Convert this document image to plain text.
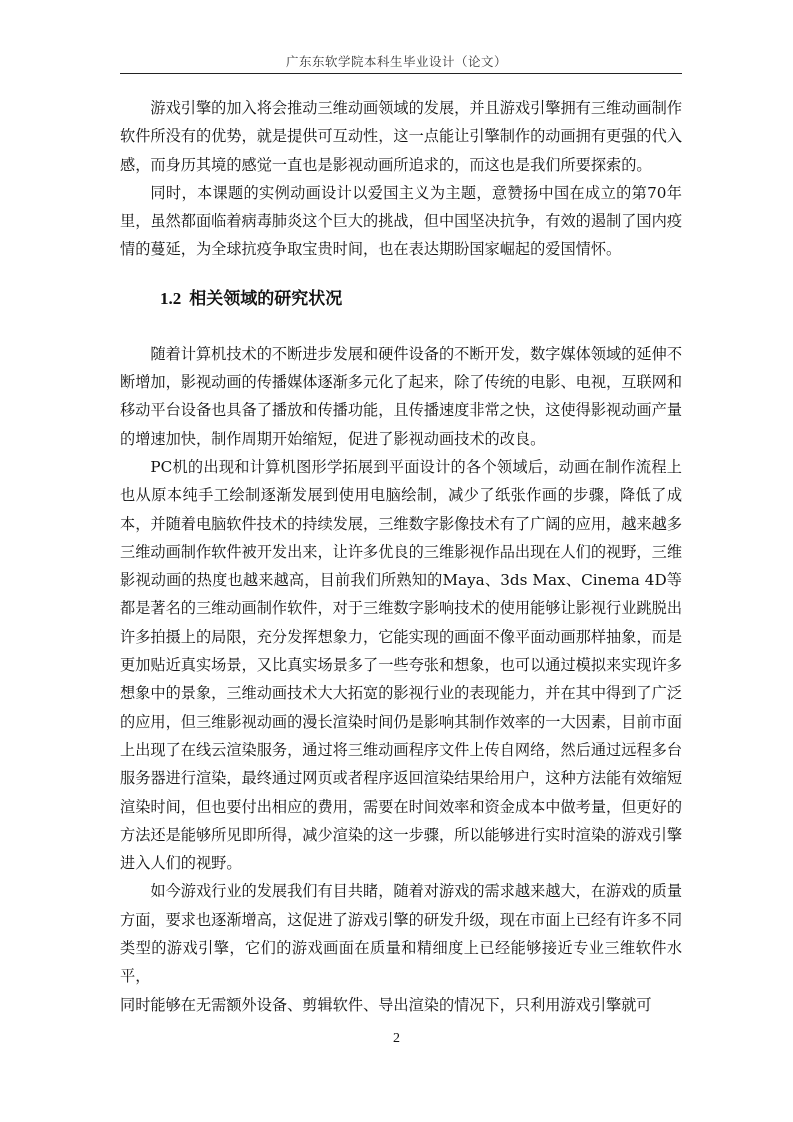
广东东软学院本科生毕业设计（论文）

游戏引擎的加入将会推动三维动画领域的发展，并且游戏引擎拥有三维动画制作软件所没有的优势，就是提供可互动性，这一点能让引擎制作的动画拥有更强的代入感，而身历其境的感觉一直也是影视动画所追求的，而这也是我们所要探索的。

同时，本课题的实例动画设计以爱国主义为主题，意赞扬中国在成立的第70年里，虽然都面临着病毒肺炎这个巨大的挑战，但中国坚决抗争，有效的遏制了国内疫情的蔓延，为全球抗疫争取宝贵时间，也在表达期盼国家崛起的爱国情怀。

1.2 相关领域的研究状况

随着计算机技术的不断进步发展和硬件设备的不断开发，数字媒体领域的延伸不断增加，影视动画的传播媒体逐渐多元化了起来，除了传统的电影、电视，互联网和移动平台设备也具备了播放和传播功能，且传播速度非常之快，这使得影视动画产量的增速加快，制作周期开始缩短，促进了影视动画技术的改良。

PC机的出现和计算机图形学拓展到平面设计的各个领域后，动画在制作流程上也从原本纯手工绘制逐渐发展到使用电脑绘制，减少了纸张作画的步骤，降低了成本，并随着电脑软件技术的持续发展，三维数字影像技术有了广阔的应用，越来越多三维动画制作软件被开发出来，让许多优良的三维影视作品出现在人们的视野，三维影视动画的热度也越来越高，目前我们所熟知的Maya、3ds Max、Cinema 4D等都是著名的三维动画制作软件，对于三维数字影响技术的使用能够让影视行业跳脱出许多拍摄上的局限，充分发挥想象力，它能实现的画面不像平面动画那样抽象，而是更加贴近真实场景，又比真实场景多了一些夸张和想象，也可以通过模拟来实现许多想象中的景象，三维动画技术大大拓宽的影视行业的表现能力，并在其中得到了广泛的应用，但三维影视动画的漫长渲染时间仍是影响其制作效率的一大因素，目前市面上出现了在线云渲染服务，通过将三维动画程序文件上传自网络，然后通过远程多台服务器进行渲染，最终通过网页或者程序返回渲染结果给用户，这种方法能有效缩短渲染时间，但也要付出相应的费用，需要在时间效率和资金成本中做考量，但更好的方法还是能够所见即所得，减少渲染的这一步骤，所以能够进行实时渲染的游戏引擎进入人们的视野。

如今游戏行业的发展我们有目共睹，随着对游戏的需求越来越大，在游戏的质量方面，要求也逐渐增高，这促进了游戏引擎的研发升级，现在市面上已经有许多不同类型的游戏引擎，它们的游戏画面在质量和精细度上已经能够接近专业三维软件水平，

同时能够在无需额外设备、剪辑软件、导出渲染的情况下，只利用游戏引擎就可

2
